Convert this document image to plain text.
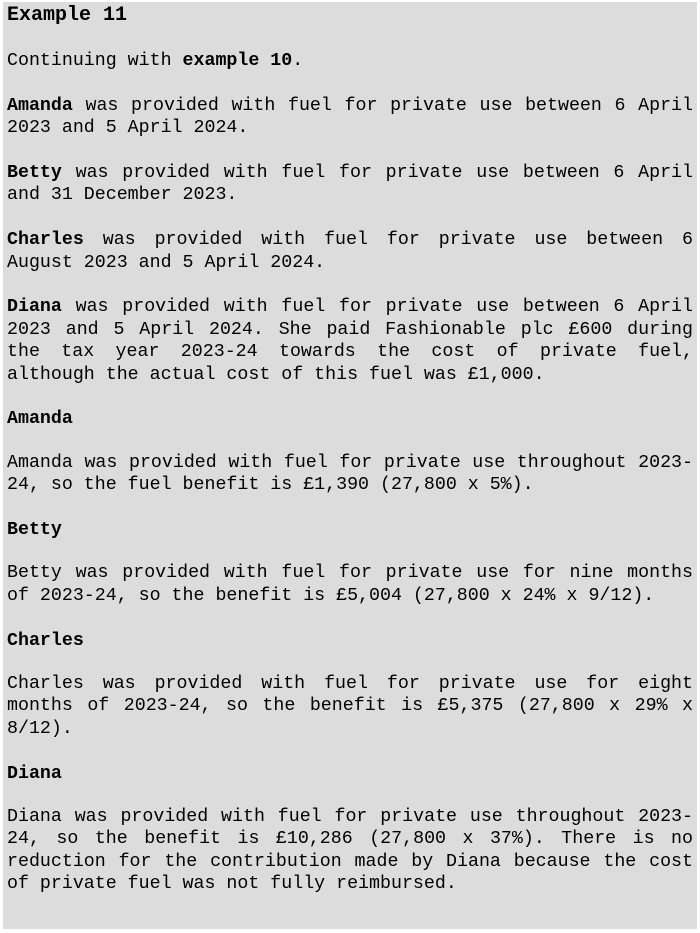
Example 11

Continuing with example 10.

Amanda was provided with fuel for private use between 6 April 2023 and 5 April 2024.

Betty was provided with fuel for private use between 6 April and 31 December 2023.

Charles was provided with fuel for private use between 6 August 2023 and 5 April 2024.

Diana was provided with fuel for private use between 6 April 2023 and 5 April 2024. She paid Fashionable plc £600 during the tax year 2023-24 towards the cost of private fuel, although the actual cost of this fuel was £1,000.

Amanda

Amanda was provided with fuel for private use throughout 2023-24, so the fuel benefit is £1,390 (27,800 x 5%).

Betty

Betty was provided with fuel for private use for nine months of 2023-24, so the benefit is £5,004 (27,800 x 24% x 9/12).

Charles

Charles was provided with fuel for private use for eight months of 2023-24, so the benefit is £5,375 (27,800 x 29% x 8/12).

Diana

Diana was provided with fuel for private use throughout 2023-24, so the benefit is £10,286 (27,800 x 37%). There is no reduction for the contribution made by Diana because the cost of private fuel was not fully reimbursed.
